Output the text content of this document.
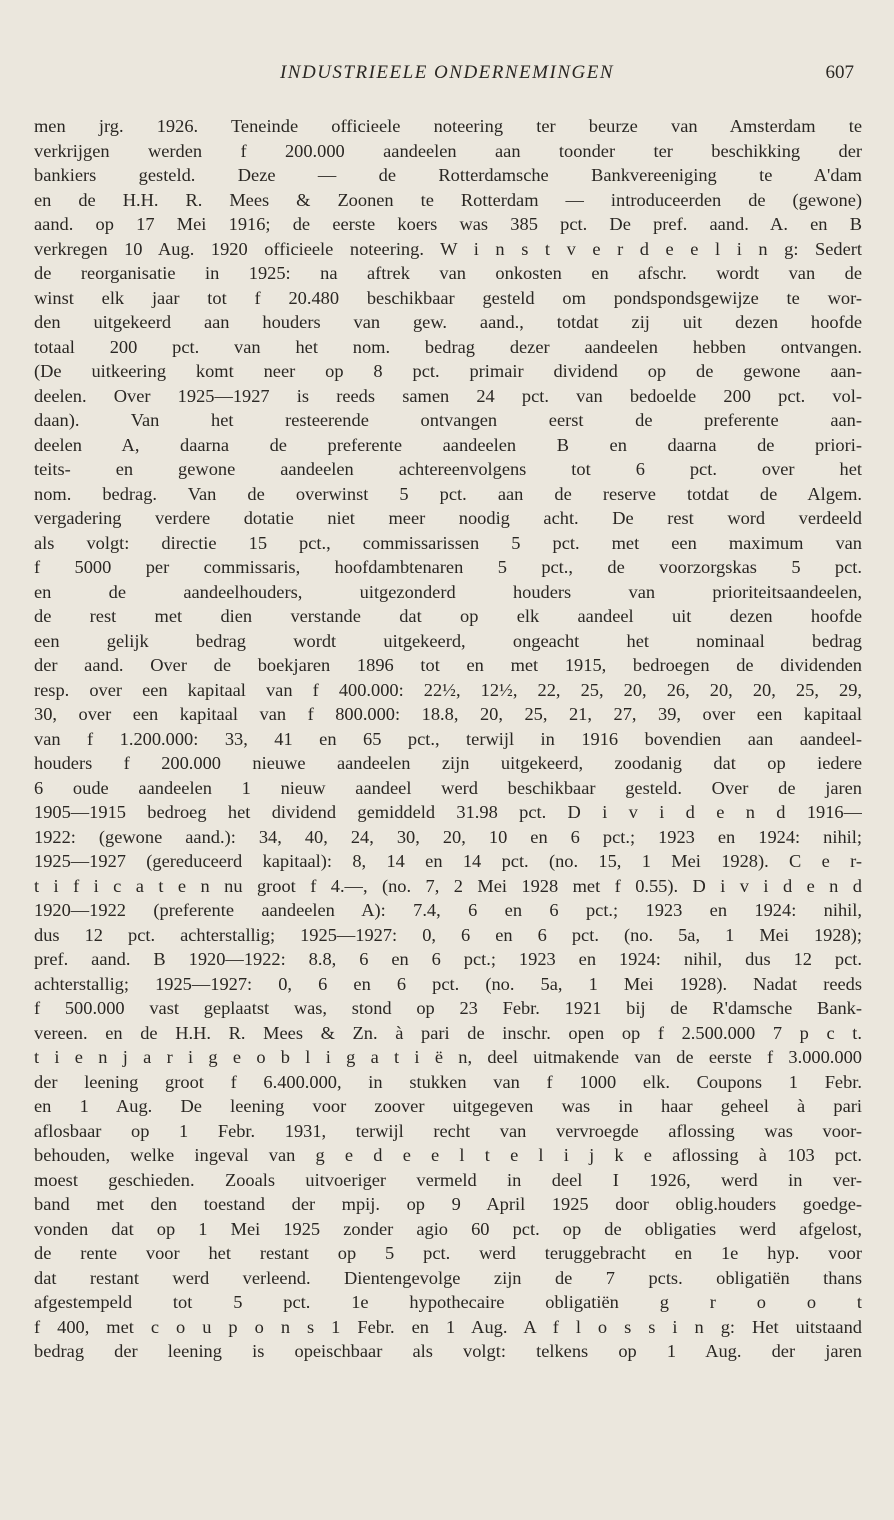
INDUSTRIEELE ONDERNEMINGEN	607
men jrg. 1926. Teneinde officieele noteering ter beurze van Amsterdam te
verkrijgen werden f 200.000 aandeelen aan toonder ter beschikking der
bankiers gesteld. Deze — de Rotterdamsche Bankvereeniging te A'dam
en de H.H. R. Mees & Zoonen te Rotterdam — introduceerden de (gewone)
aand. op 17 Mei 1916; de eerste koers was 385 pct. De pref. aand. A. en B
verkregen 10 Aug. 1920 officieele noteering. W i n s t v e r d e e l i n g: Sedert
de reorganisatie in 1925: na aftrek van onkosten en afschr. wordt van de
winst elk jaar tot f 20.480 beschikbaar gesteld om pondspondsgewijze te wor-
den uitgekeerd aan houders van gew. aand., totdat zij uit dezen hoofde
totaal 200 pct. van het nom. bedrag dezer aandeelen hebben ontvangen.
(De uitkeering komt neer op 8 pct. primair dividend op de gewone aan-
deelen. Over 1925—1927 is reeds samen 24 pct. van bedoelde 200 pct. vol-
daan). Van het resteerende ontvangen eerst de preferente aan-
deelen A, daarna de preferente aandeelen B en daarna de priori-
teits- en gewone aandeelen achtereenvolgens tot 6 pct. over het
nom. bedrag. Van de overwinst 5 pct. aan de reserve totdat de Algem.
vergadering verdere dotatie niet meer noodig acht. De rest word verdeeld
als volgt: directie 15 pct., commissarissen 5 pct. met een maximum van
f 5000 per commissaris, hoofdambtenaren 5 pct., de voorzorgskas 5 pct.
en de aandeelhouders, uitgezonderd houders van prioriteitsaandeelen,
de rest met dien verstande dat op elk aandeel uit dezen hoofde
een gelijk bedrag wordt uitgekeerd, ongeacht het nominaal bedrag
der aand. Over de boekjaren 1896 tot en met 1915, bedroegen de dividenden
resp. over een kapitaal van f 400.000: 22½, 12½, 22, 25, 20, 26, 20, 20, 25, 29,
30, over een kapitaal van f 800.000: 18.8, 20, 25, 21, 27, 39, over een kapitaal
van f 1.200.000: 33, 41 en 65 pct., terwijl in 1916 bovendien aan aandeel-
houders f 200.000 nieuwe aandeelen zijn uitgekeerd, zoodanig dat op iedere
6 oude aandeelen 1 nieuw aandeel werd beschikbaar gesteld. Over de jaren
1905—1915 bedroeg het dividend gemiddeld 31.98 pct. D i v i d e n d 1916—
1922: (gewone aand.): 34, 40, 24, 30, 20, 10 en 6 pct.; 1923 en 1924: nihil;
1925—1927 (gereduceerd kapitaal): 8, 14 en 14 pct. (no. 15, 1 Mei 1928). C e r-
t i f i c a t e n nu groot f 4.—, (no. 7, 2 Mei 1928 met f 0.55). D i v i d e n d
1920—1922 (preferente aandeelen A): 7.4, 6 en 6 pct.; 1923 en 1924: nihil,
dus 12 pct. achterstallig; 1925—1927: 0, 6 en 6 pct. (no. 5a, 1 Mei 1928);
pref. aand. B 1920—1922: 8.8, 6 en 6 pct.; 1923 en 1924: nihil, dus 12 pct.
achterstallig; 1925—1927: 0, 6 en 6 pct. (no. 5a, 1 Mei 1928). Nadat reeds
f 500.000 vast geplaatst was, stond op 23 Febr. 1921 bij de R'damsche Bank-
vereen. en de H.H. R. Mees & Zn. à pari de inschr. open op f 2.500.000 7 p c t.
t i e n j a r i g e o b l i g a t i ë n, deel uitmakende van de eerste f 3.000.000
der leening groot f 6.400.000, in stukken van f 1000 elk. Coupons 1 Febr.
en 1 Aug. De leening voor zoover uitgegeven was in haar geheel à pari
aflosbaar op 1 Febr. 1931, terwijl recht van vervroegde aflossing was voor-
behouden, welke ingeval van g e d e e l t e l i j k e aflossing à 103 pct.
moest geschieden. Zooals uitvoeriger vermeld in deel I 1926, werd in ver-
band met den toestand der mpij. op 9 April 1925 door oblig.houders goedge-
vonden dat op 1 Mei 1925 zonder agio 60 pct. op de obligaties werd afgelost,
de rente voor het restant op 5 pct. werd teruggebracht en 1e hyp. voor
dat restant werd verleend. Dientengevolge zijn de 7 pcts. obligatiën thans
afgestempeld tot 5 pct. 1e hypothecaire obligatiën g r o o t
f 400, met c o u p o n s 1 Febr. en 1 Aug. A f l o s s i n g: Het uitstaand
bedrag der leening is opeischbaar als volgt: telkens op 1 Aug. der jaren
